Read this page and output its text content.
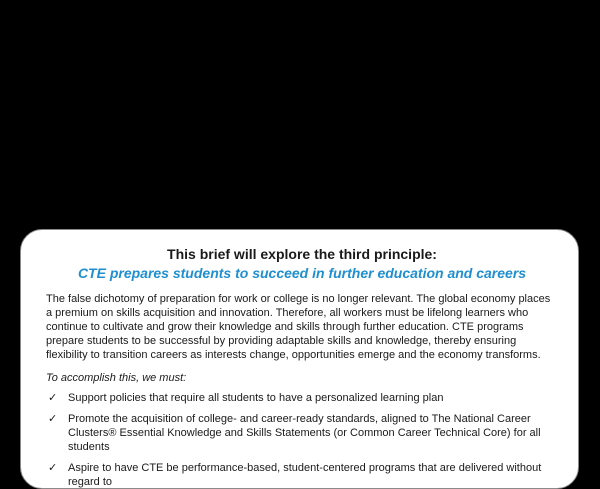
This brief will explore the third principle:

CTE prepares students to succeed in further education and careers

The false dichotomy of preparation for work or college is no longer relevant. The global economy places a premium on skills acquisition and innovation. Therefore, all workers must be lifelong learners who continue to cultivate and grow their knowledge and skills through further education. CTE programs prepare students to be successful by providing adaptable skills and knowledge, thereby ensuring flexibility to transition careers as interests change, opportunities emerge and the economy transforms.

To accomplish this, we must:

✓ Support policies that require all students to have a personalized learning plan
✓ Promote the acquisition of college- and career-ready standards, aligned to The National Career Clusters® Essential Knowledge and Skills Statements (or Common Career Technical Core) for all students
✓ Aspire to have CTE be performance-based, student-centered programs that are delivered without regard to
